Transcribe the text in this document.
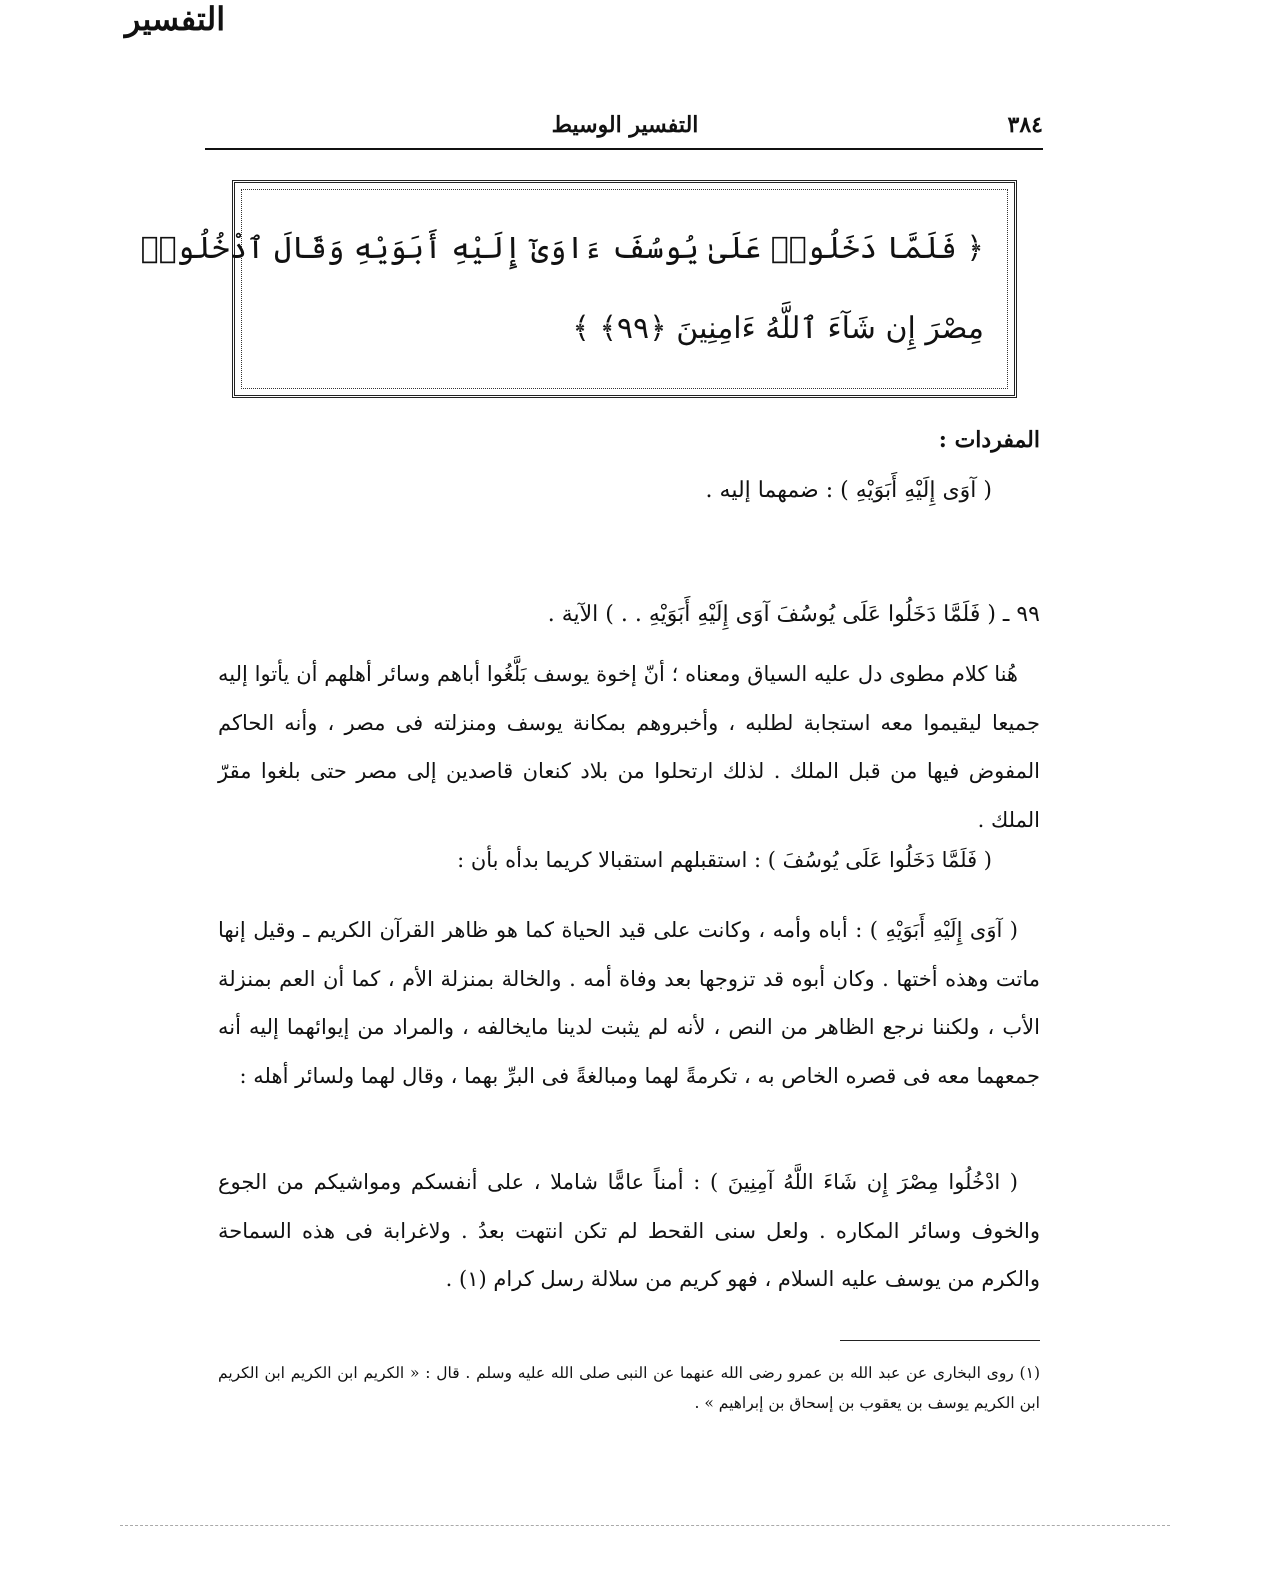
٣٨٤
التفسير الوسيط
﴿ فَلَمَّا دَخَلُوا۟ عَلَىٰ يُوسُفَ ءَاوَىٰٓ إِلَيْهِ أَبَوَيْهِ وَقَالَ ٱدْخُلُوا۟
مِصْرَ إِن شَآءَ ٱللَّهُ ءَامِنِينَ ﴿٩٩﴾ ﴾
المفردات :
( آوَى إِلَيْهِ أَبَوَيْهِ ) : ضمهما إليه .
التفسير
٩٩ ـ ( فَلَمَّا دَخَلُوا عَلَى يُوسُفَ آوَى إِلَيْهِ أَبَوَيْهِ . . ) الآية .
هُنا كلام مطوى دل عليه السياق ومعناه ؛ أنّ إخوة يوسف بَلَّغُوا أباهم وسائر أهلهم أن يأتوا إليه جميعا ليقيموا معه استجابة لطلبه ، وأخبروهم بمكانة يوسف ومنزلته فى مصر ، وأنه الحاكم المفوض فيها من قبل الملك . لذلك ارتحلوا من بلاد كنعان قاصدين إلى مصر حتى بلغوا مقرّ الملك .
( فَلَمَّا دَخَلُوا عَلَى يُوسُفَ ) : استقبلهم استقبالا كريما بدأه بأن :
( آوَى إِلَيْهِ أَبَوَيْهِ ) : أباه وأمه ، وكانت على قيد الحياة كما هو ظاهر القرآن الكريم ـ وقيل إنها ماتت وهذه أختها . وكان أبوه قد تزوجها بعد وفاة أمه . والخالة بمنزلة الأم ، كما أن العم بمنزلة الأب ، ولكننا نرجع الظاهر من النص ، لأنه لم يثبت لدينا مايخالفه ، والمراد من إيوائهما إليه أنه جمعهما معه فى قصره الخاص به ، تكرمةً لهما ومبالغةً فى البرِّ بهما ، وقال لهما ولسائر أهله :
( ادْخُلُوا مِصْرَ إِن شَاءَ اللَّهُ آمِنِينَ ) : أمناً عامًّا شاملا ، على أنفسكم ومواشيكم من الجوع والخوف وسائر المكاره . ولعل سنى القحط لم تكن انتهت بعدُ . ولاغرابة فى هذه السماحة والكرم من يوسف عليه السلام ، فهو كريم من سلالة رسل كرام (١) .
(١) روى البخارى عن عبد الله بن عمرو رضى الله عنهما عن النبى صلى الله عليه وسلم . قال : « الكريم ابن الكريم ابن الكريم ابن الكريم يوسف بن يعقوب بن إسحاق بن إبراهيم » .
